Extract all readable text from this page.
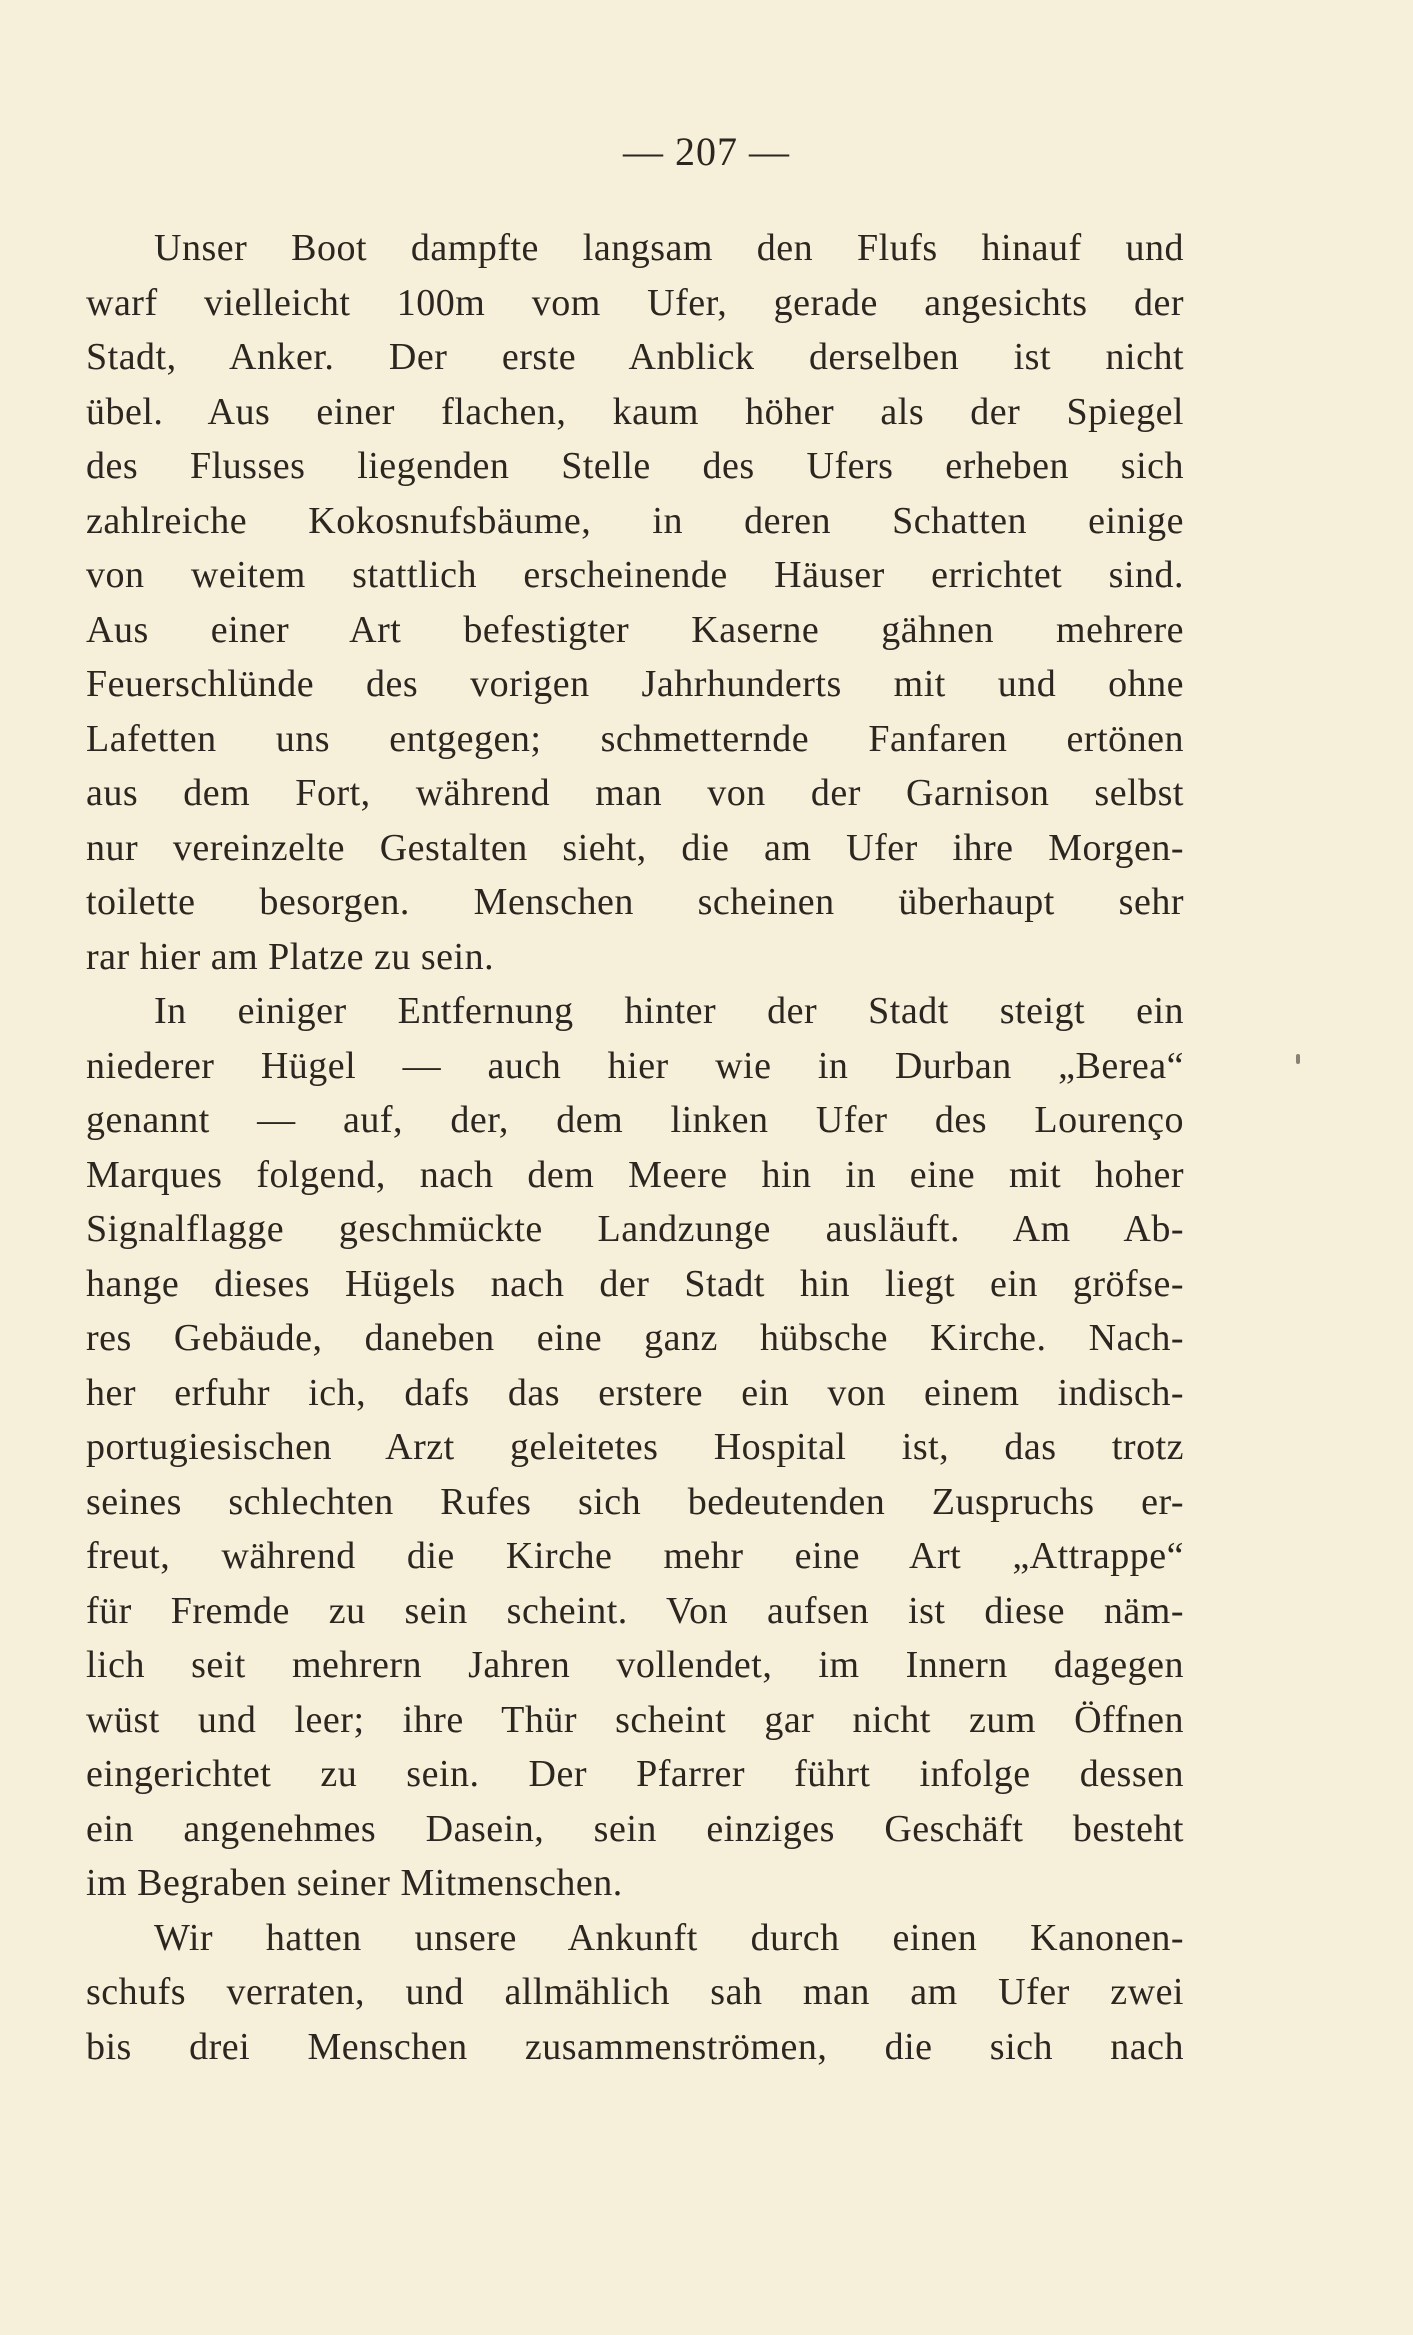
— 207 —
Unser Boot dampfte langsam den Flufs hinauf und
warf vielleicht 100m vom Ufer, gerade angesichts der
Stadt, Anker. Der erste Anblick derselben ist nicht
übel. Aus einer flachen, kaum höher als der Spiegel
des Flusses liegenden Stelle des Ufers erheben sich
zahlreiche Kokosnufsbäume, in deren Schatten einige
von weitem stattlich erscheinende Häuser errichtet sind.
Aus einer Art befestigter Kaserne gähnen mehrere
Feuerschlünde des vorigen Jahrhunderts mit und ohne
Lafetten uns entgegen; schmetternde Fanfaren ertönen
aus dem Fort, während man von der Garnison selbst
nur vereinzelte Gestalten sieht, die am Ufer ihre Morgen-
toilette besorgen. Menschen scheinen überhaupt sehr
rar hier am Platze zu sein.
In einiger Entfernung hinter der Stadt steigt ein
niederer Hügel — auch hier wie in Durban „Berea“
genannt — auf, der, dem linken Ufer des Lourenço
Marques folgend, nach dem Meere hin in eine mit hoher
Signalflagge geschmückte Landzunge ausläuft. Am Ab-
hange dieses Hügels nach der Stadt hin liegt ein gröfse-
res Gebäude, daneben eine ganz hübsche Kirche. Nach-
her erfuhr ich, dafs das erstere ein von einem indisch-
portugiesischen Arzt geleitetes Hospital ist, das trotz
seines schlechten Rufes sich bedeutenden Zuspruchs er-
freut, während die Kirche mehr eine Art „Attrappe“
für Fremde zu sein scheint. Von aufsen ist diese näm-
lich seit mehrern Jahren vollendet, im Innern dagegen
wüst und leer; ihre Thür scheint gar nicht zum Öffnen
eingerichtet zu sein. Der Pfarrer führt infolge dessen
ein angenehmes Dasein, sein einziges Geschäft besteht
im Begraben seiner Mitmenschen.
Wir hatten unsere Ankunft durch einen Kanonen-
schufs verraten, und allmählich sah man am Ufer zwei
bis drei Menschen zusammenströmen, die sich nach
